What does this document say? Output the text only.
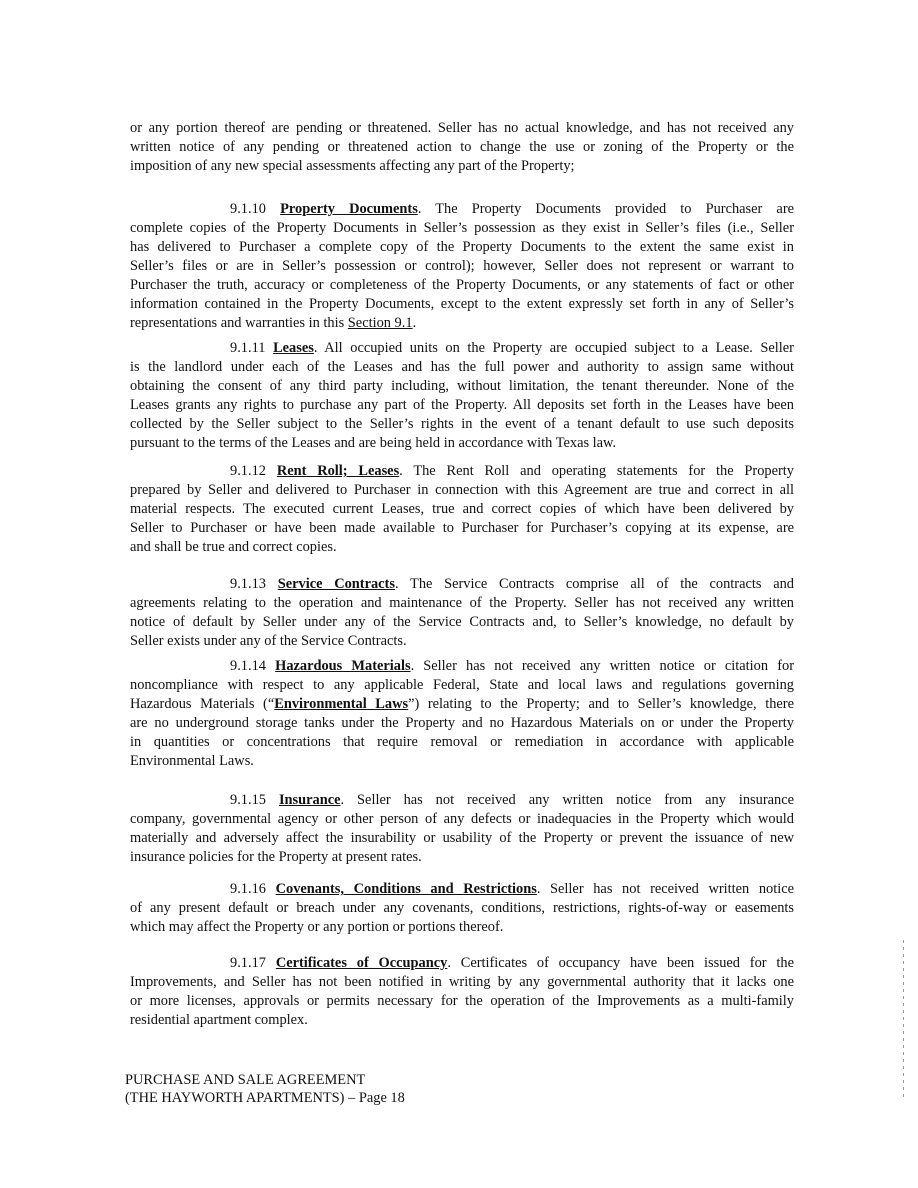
or any portion thereof are pending or threatened. Seller has no actual knowledge, and has not received any
written notice of any pending or threatened action to change the use or zoning of the Property or the
imposition of any new special assessments affecting any part of the Property;
9.1.10 Property Documents. The Property Documents provided to Purchaser are
complete copies of the Property Documents in Seller’s possession as they exist in Seller’s files (i.e., Seller
has delivered to Purchaser a complete copy of the Property Documents to the extent the same exist in
Seller’s files or are in Seller’s possession or control); however, Seller does not represent or warrant to
Purchaser the truth, accuracy or completeness of the Property Documents, or any statements of fact or other
information contained in the Property Documents, except to the extent expressly set forth in any of Seller’s
representations and warranties in this Section 9.1.
9.1.11 Leases. All occupied units on the Property are occupied subject to a Lease. Seller
is the landlord under each of the Leases and has the full power and authority to assign same without
obtaining the consent of any third party including, without limitation, the tenant thereunder. None of the
Leases grants any rights to purchase any part of the Property. All deposits set forth in the Leases have been
collected by the Seller subject to the Seller’s rights in the event of a tenant default to use such deposits
pursuant to the terms of the Leases and are being held in accordance with Texas law.
9.1.12 Rent Roll; Leases. The Rent Roll and operating statements for the Property
prepared by Seller and delivered to Purchaser in connection with this Agreement are true and correct in all
material respects. The executed current Leases, true and correct copies of which have been delivered by
Seller to Purchaser or have been made available to Purchaser for Purchaser’s copying at its expense, are
and shall be true and correct copies.
9.1.13 Service Contracts. The Service Contracts comprise all of the contracts and
agreements relating to the operation and maintenance of the Property. Seller has not received any written
notice of default by Seller under any of the Service Contracts and, to Seller’s knowledge, no default by
Seller exists under any of the Service Contracts.
9.1.14 Hazardous Materials. Seller has not received any written notice or citation for
noncompliance with respect to any applicable Federal, State and local laws and regulations governing
Hazardous Materials (“Environmental Laws”) relating to the Property; and to Seller’s knowledge, there
are no underground storage tanks under the Property and no Hazardous Materials on or under the Property
in quantities or concentrations that require removal or remediation in accordance with applicable
Environmental Laws.
9.1.15 Insurance. Seller has not received any written notice from any insurance
company, governmental agency or other person of any defects or inadequacies in the Property which would
materially and adversely affect the insurability or usability of the Property or prevent the issuance of new
insurance policies for the Property at present rates.
9.1.16 Covenants, Conditions and Restrictions. Seller has not received written notice
of any present default or breach under any covenants, conditions, restrictions, rights-of-way or easements
which may affect the Property or any portion or portions thereof.
9.1.17 Certificates of Occupancy. Certificates of occupancy have been issued for the
Improvements, and Seller has not been notified in writing by any governmental authority that it lacks one
or more licenses, approvals or permits necessary for the operation of the Improvements as a multi-family
residential apartment complex.
PURCHASE AND SALE AGREEMENT
(THE HAYWORTH APARTMENTS) – Page 18
